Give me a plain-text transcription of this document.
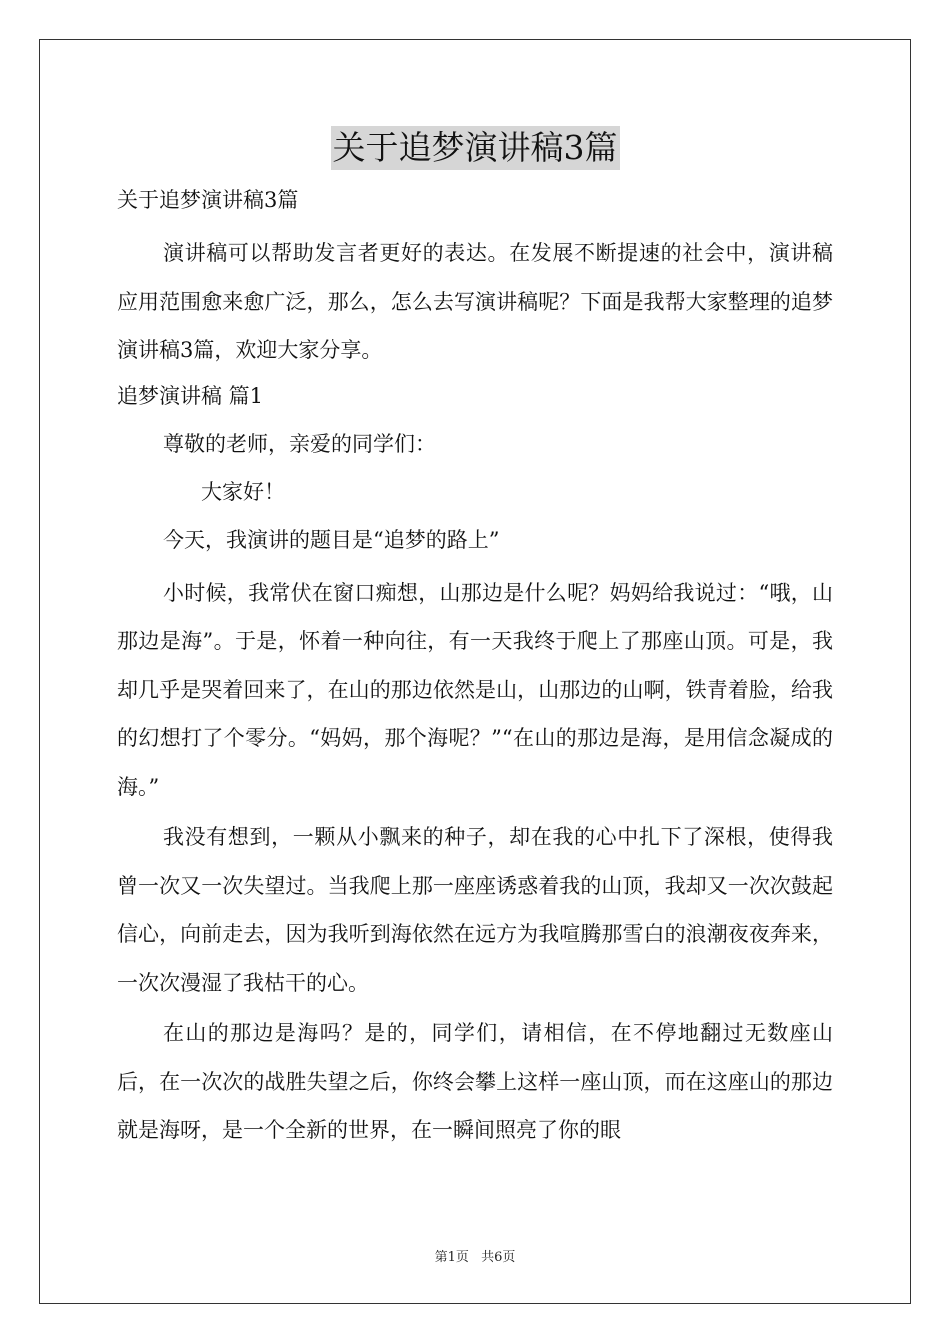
关于追梦演讲稿3篇

关于追梦演讲稿3篇

演讲稿可以帮助发言者更好的表达。在发展不断提速的社会中，演讲稿应用范围愈来愈广泛，那么，怎么去写演讲稿呢？下面是我帮大家整理的追梦演讲稿3篇，欢迎大家分享。

追梦演讲稿 篇1

尊敬的老师，亲爱的同学们：

大家好！

今天，我演讲的题目是“追梦的路上”

小时候，我常伏在窗口痴想，山那边是什么呢？妈妈给我说过：“哦，山那边是海”。于是，怀着一种向往，有一天我终于爬上了那座山顶。可是，我却几乎是哭着回来了，在山的那边依然是山，山那边的山啊，铁青着脸，给我的幻想打了个零分。“妈妈，那个海呢？”“在山的那边是海，是用信念凝成的海。”

我没有想到，一颗从小飘来的种子，却在我的心中扎下了深根，使得我曾一次又一次失望过。当我爬上那一座座诱惑着我的山顶，我却又一次次鼓起信心，向前走去，因为我听到海依然在远方为我喧腾那雪白的浪潮夜夜奔来，一次次漫湿了我枯干的心。

在山的那边是海吗？是的，同学们，请相信，在不停地翻过无数座山后，在一次次的战胜失望之后，你终会攀上这样一座山顶，而在这座山的那边就是海呀，是一个全新的世界，在一瞬间照亮了你的眼

第1页 共6页
